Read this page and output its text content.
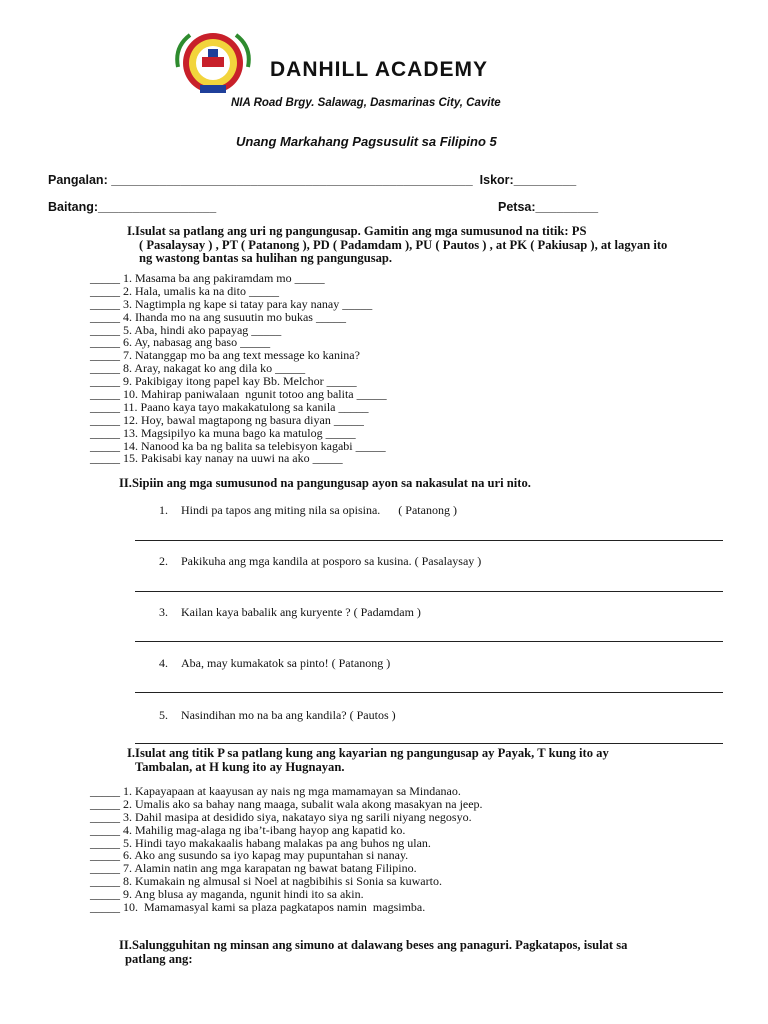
DANHILL ACADEMY
NIA Road Brgy. Salawag, Dasmarinas City, Cavite
Unang Markahang Pagsusulit sa Filipino 5
Pangalan: ____________________________________________________  Iskor:_________
Baitang:_________________	Petsa:_________
I.Isulat sa patlang ang uri ng pangungusap. Gamitin ang mga sumusunod na titik: PS
( Pasalaysay ) , PT ( Patanong ), PD ( Padamdam ), PU ( Pautos ) , at PK ( Pakiusap ), at lagyan ito
ng wastong bantas sa hulihan ng pangungusap.
_____ 1. Masama ba ang pakiramdam mo _____
_____ 2. Hala, umalis ka na dito _____
_____ 3. Nagtimpla ng kape si tatay para kay nanay _____
_____ 4. Ihanda mo na ang susuutin mo bukas _____
_____ 5. Aba, hindi ako papayag _____
_____ 6. Ay, nabasag ang baso _____
_____ 7. Natanggap mo ba ang text message ko kanina?
_____ 8. Aray, nakagat ko ang dila ko _____
_____ 9. Pakibigay itong papel kay Bb. Melchor _____
_____ 10. Mahirap paniwalaan  ngunit totoo ang balita _____
_____ 11. Paano kaya tayo makakatulong sa kanila _____
_____ 12. Hoy, bawal magtapong ng basura diyan _____
_____ 13. Magsipilyo ka muna bago ka matulog _____
_____ 14. Nanood ka ba ng balita sa telebisyon kagabi _____
_____ 15. Pakisabi kay nanay na uuwi na ako _____
II.Sipiin ang mga sumusunod na pangungusap ayon sa nakasulat na uri nito.
1. Hindi pa tapos ang miting nila sa opisina.      ( Patanong )
2. Pakikuha ang mga kandila at posporo sa kusina. ( Pasalaysay )
3. Kailan kaya babalik ang kuryente ? ( Padamdam )
4. Aba, may kumakatok sa pinto! ( Patanong )
5. Nasindihan mo na ba ang kandila? ( Pautos )
I.Isulat ang titik P sa patlang kung ang kayarian ng pangungusap ay Payak, T kung ito ay
Tambalan, at H kung ito ay Hugnayan.
_____ 1. Kapayapaan at kaayusan ay nais ng mga mamamayan sa Mindanao.
_____ 2. Umalis ako sa bahay nang maaga, subalit wala akong masakyan na jeep.
_____ 3. Dahil masipa at desidido siya, nakatayo siya ng sarili niyang negosyo.
_____ 4. Mahilig mag-alaga ng iba’t-ibang hayop ang kapatid ko.
_____ 5. Hindi tayo makakaalis habang malakas pa ang buhos ng ulan.
_____ 6. Ako ang susundo sa iyo kapag may pupuntahan si nanay.
_____ 7. Alamin natin ang mga karapatan ng bawat batang Filipino.
_____ 8. Kumakain ng almusal si Noel at nagbibihis si Sonia sa kuwarto.
_____ 9. Ang blusa ay maganda, ngunit hindi ito sa akin.
_____ 10.  Mamamasyal kami sa plaza pagkatapos namin  magsimba.
II.Salungguhitan ng minsan ang simuno at dalawang beses ang panaguri. Pagkatapos, isulat sa
patlang ang:
